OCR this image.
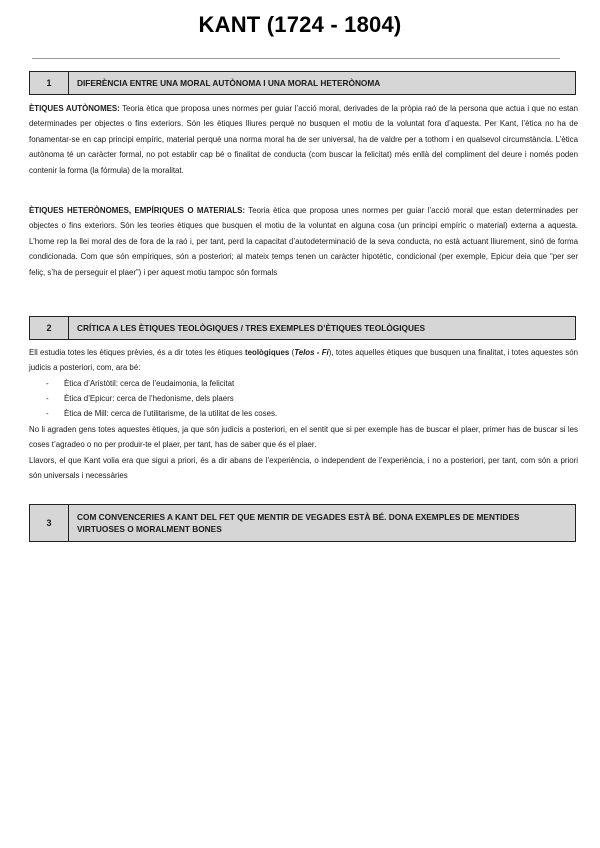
KANT (1724 - 1804)
1	DIFERÈNCIA ENTRE UNA MORAL AUTÒNOMA I UNA MORAL HETERÒNOMA

ÈTIQUES AUTÒNOMES: Teoria ètica que proposa unes normes per guiar l’acció moral, derivades de la pròpia raó de la persona que actua i que no estan determinades per objectes o fins exteriors. Són les ètiques lliures perquè no busquen el motiu de la voluntat fora d’aquesta. Per Kant, l’ètica no ha de fonamentar-se en cap principi empíric, material perquè una norma moral ha de ser universal, ha de valdre per a tothom i en qualsevol circumstància. L’ètica autònoma té un caràcter formal, no pot establir cap bé o finalitat de conducta (com buscar la felicitat) més enllà del compliment del deure i només poden contenir la forma (la fórmula) de la moralitat.

ÈTIQUES HETERÒNOMES, EMPÍRIQUES O MATERIALS: Teoria ètica que proposa unes normes per guiar l’acció moral que estan determinades per objectes o fins exteriors. Són les teories ètiques que busquen el motiu de la voluntat en alguna cosa (un principi empíric o material) externa a aquesta. L’home rep la llei moral des de fora de la raó i, per tant, perd la capacitat d’autodeterminació de la seva conducta, no està actuant lliurement, sinó de forma condicionada. Com que són empíriques, són a posteriori; al mateix temps tenen un caràcter hipotètic, condicional (per exemple, Epicur deia que “per ser feliç, s’ha de perseguir el plaer”) i per aquest motiu tampoc són formals

2	CRÍTICA A LES ÈTIQUES TEOLÒGIQUES / TRES EXEMPLES D’ÈTIQUES TEOLÒGIQUES

Ell estudia totes les ètiques prèvies, és a dir totes les ètiques teològiques (Telos - Fi), totes aquelles ètiques que busquen una finalitat, i totes aquestes són judicis a posteriori, com, ara bé:

- Ètica d’Aristòtil: cerca de l’eudaimonia, la felicitat
- Ètica d’Epicur: cerca de l’hedonisme, dels plaers
- Ètica de Mill: cerca de l’utilitarisme, de la utilitat de les coses.

No li agraden gens totes aquestes ètiques, ja que són judicis a posteriori, en el sentit que si per exemple has de buscar el plaer, primer has de buscar si les coses t’agradeo o no per produir-te el plaer, per tant, has de saber que és el plaer.

Llavors, el que Kant volia era que sigui a priori, és a dir abans de l’experiència, o independent de l’experiència, i no a posteriori, per tant, com són a priori són universals i necessàries

3
COM CONVENCERIES A KANT DEL FET QUE MENTIR DE VEGADES ESTÀ BÉ. DONA EXEMPLES DE MENTIDES VIRTUOSES O MORALMENT BONES
